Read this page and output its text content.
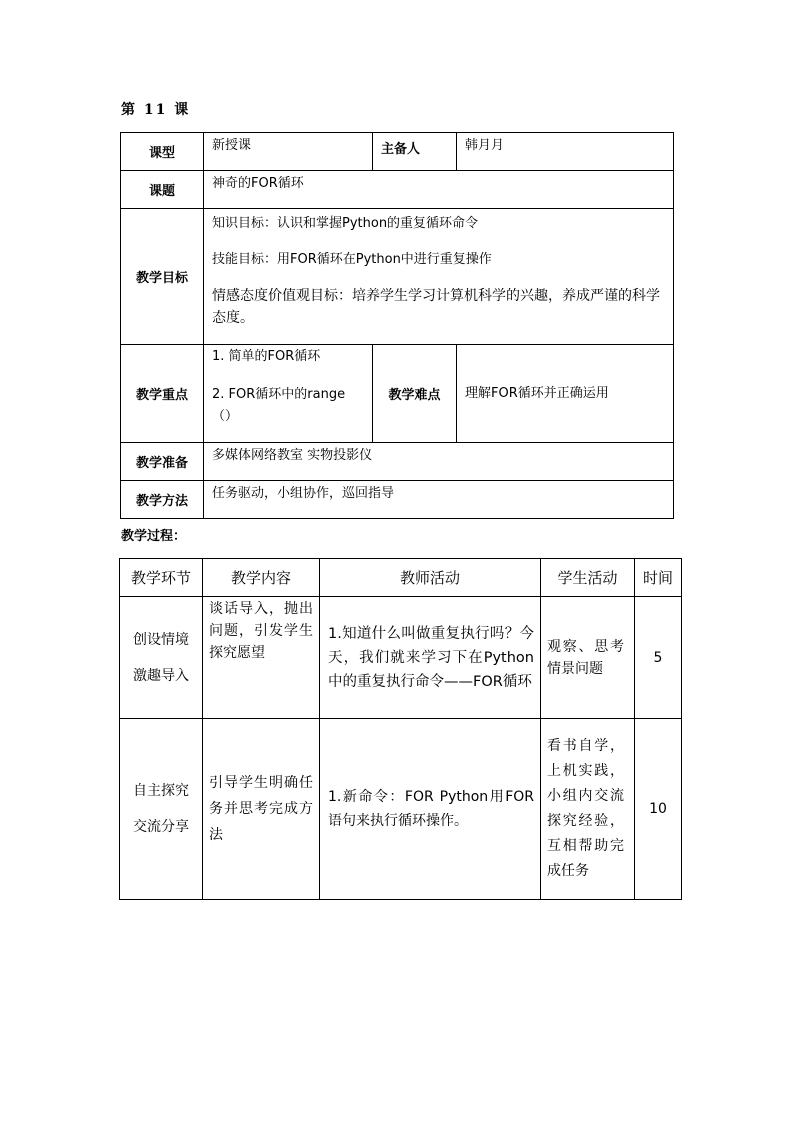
第 11 课
课型	新授课	主备人	韩月月
课题	神奇的FOR循环		
教学目标	知识目标：认识和掌握Python的重复循环命令
技能目标：用FOR循环在Python中进行重复操作
情感态度价值观目标：培养学生学习计算机科学的兴趣，养成严谨的科学态度。		

教学重点	1. 简单的FOR循环
2. FOR循环中的range（）	教学难点	理解FOR循环并正确运用
教学准备	多媒体网络教室 实物投影仪		
教学方法	任务驱动，小组协作，巡回指导		
教学过程：
教学环节	教学内容	教师活动	学生活动	时间

创设情境
激趣导入	谈话导入，抛出问题，引发学生探究愿望	1.知道什么叫做重复执行吗？今天，我们就来学习下在Python中的重复执行命令——FOR循环	观察、思考情景问题	5

自主探究
交流分享	引导学生明确任务并思考完成方法	1.新命令：FOR Python用FOR语句来执行循环操作。	看书自学，上机实践，小组内交流探究经验，互相帮助完成任务	10
